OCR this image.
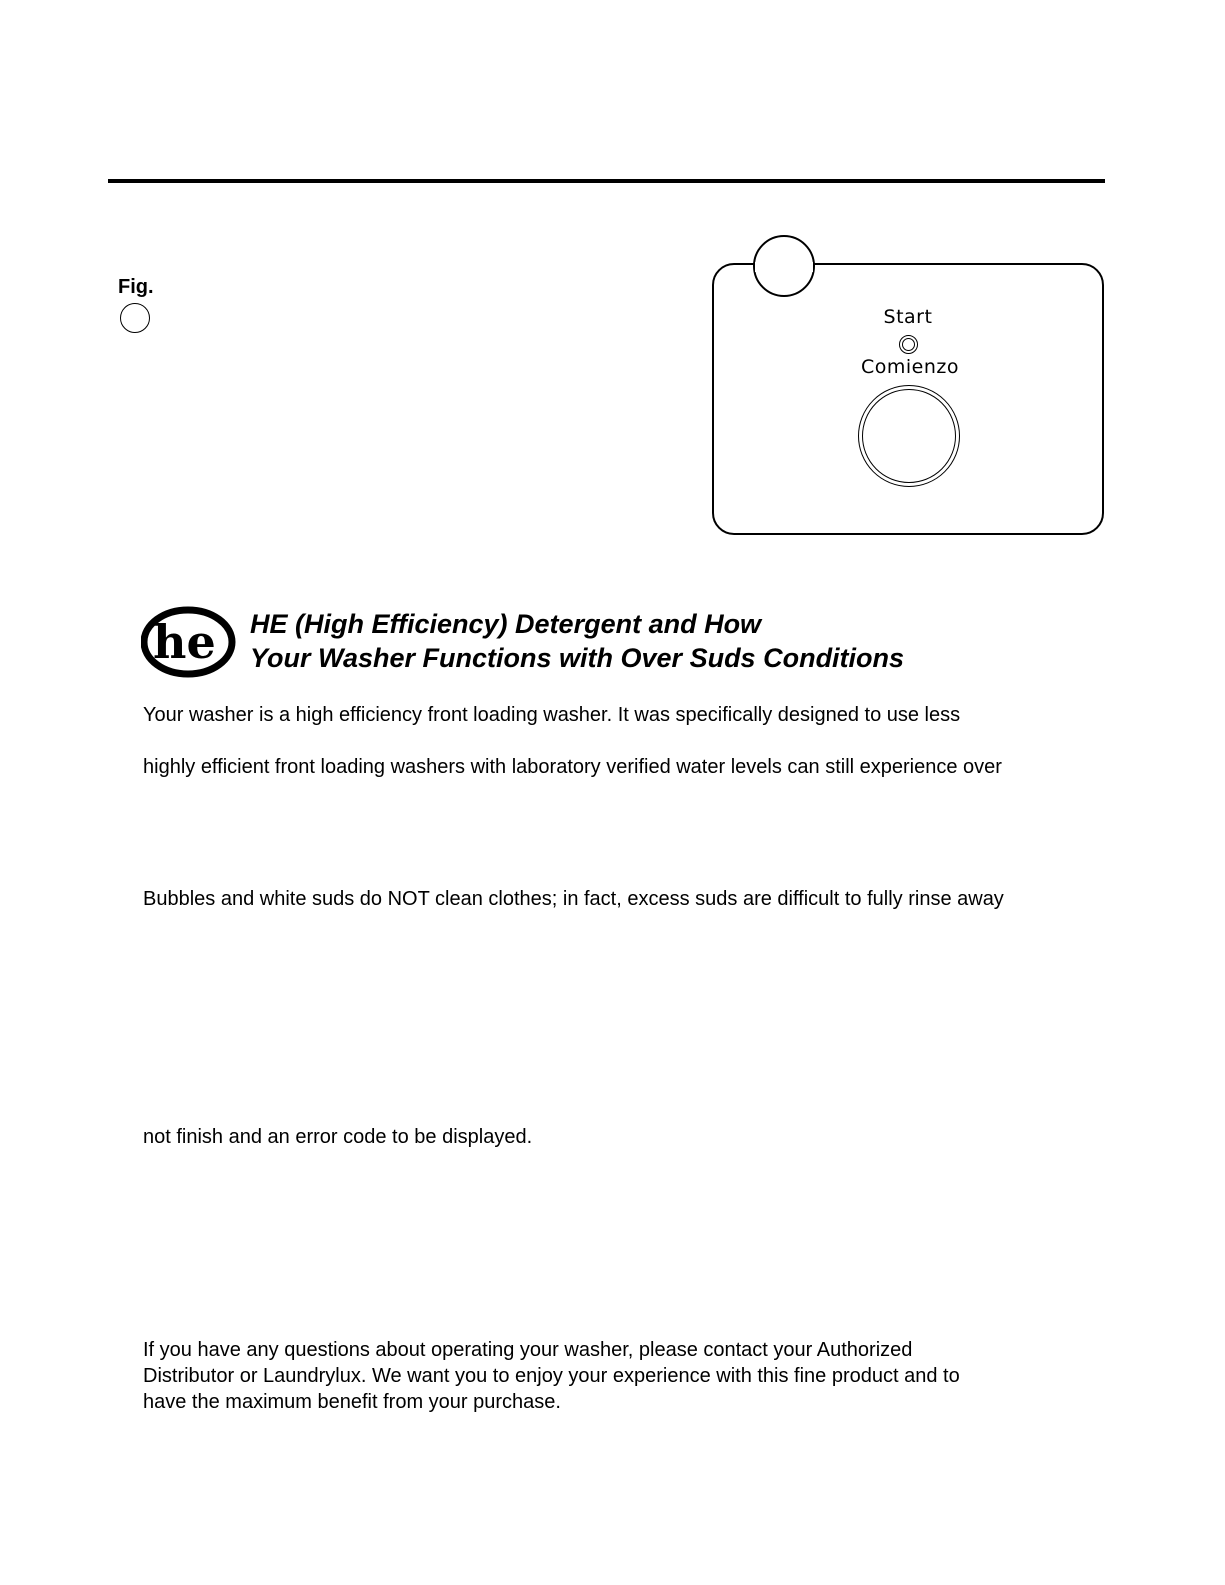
Fig.
Start
Comienzo
he HE (High Efficiency) Detergent and How
Your Washer Functions with Over Suds Conditions
Your washer is a high efficiency front loading washer. It was specifically designed to use less
highly efficient front loading washers with laboratory verified water levels can still experience over
Bubbles and white suds do NOT clean clothes; in fact, excess suds are difficult to fully rinse away
not finish and an error code to be displayed.
If you have any questions about operating your washer, please contact your Authorized
Distributor or Laundrylux. We want you to enjoy your experience with this fine product and to
have the maximum benefit from your purchase.
